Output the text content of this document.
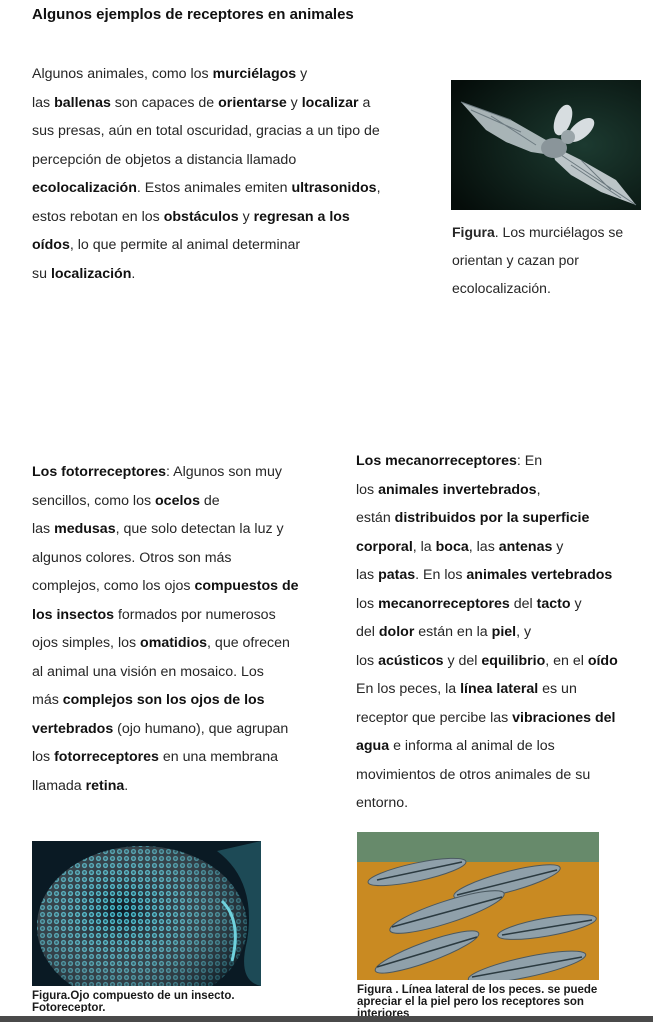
Algunos ejemplos de receptores en animales
Algunos animales, como los murciélagos y
las ballenas son capaces de orientarse y localizar a
sus presas, aún en total oscuridad, gracias a un tipo de
percepción de objetos a distancia llamado
ecolocalización. Estos animales emiten ultrasonidos,
estos rebotan en los obstáculos y regresan a los
oídos, lo que permite al animal determinar
su localización.
Figura. Los murciélagos se
orientan y cazan por
ecolocalización.
Los fotorreceptores: Algunos son muy
sencillos, como los ocelos de
las medusas, que solo detectan la luz y
algunos colores. Otros son más
complejos, como los ojos compuestos de
los insectos formados por numerosos
ojos simples, los omatidios, que ofrecen
al animal una visión en mosaico. Los
más complejos son los ojos de los
vertebrados (ojo humano), que agrupan
los fotorreceptores en una membrana
llamada retina.
Los mecanorreceptores: En
los animales invertebrados,
están distribuidos por la superficie
corporal, la boca, las antenas y
las patas. En los animales vertebrados
los mecanorreceptores del tacto y
del dolor están en la piel, y
los acústicos y del equilibrio, en el oído
En los peces, la línea lateral es un
receptor que percibe las vibraciones del
agua e informa al animal de los
movimientos de otros animales de su
entorno.
Figura.Ojo compuesto de un insecto.
Fotoreceptor.
Figura . Línea lateral de los peces. se puede
apreciar el la piel pero los receptores son
interiores
